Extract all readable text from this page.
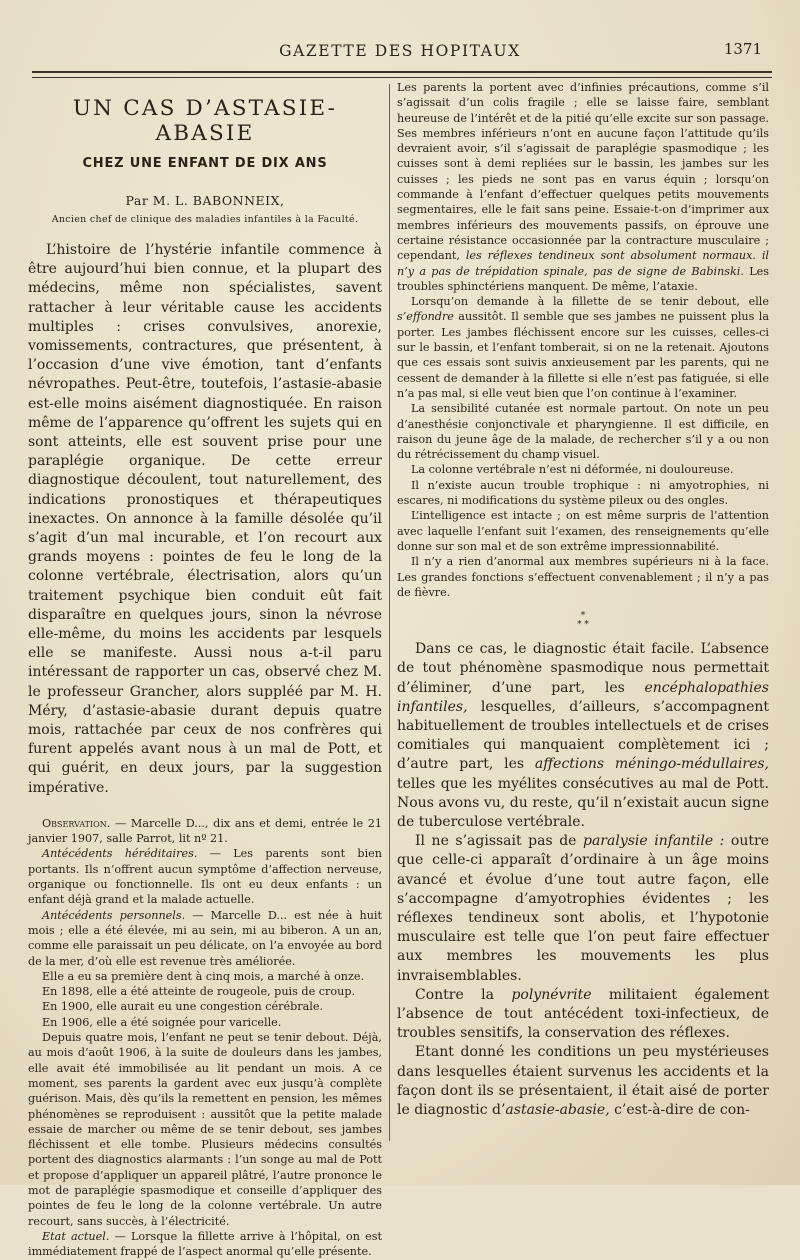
GAZETTE DES HOPITAUX	1371
UN CAS D’ASTASIE-ABASIE
CHEZ UNE ENFANT DE DIX ANS
Par M. L. BABONNEIX,
Ancien chef de clinique des maladies infantiles à la Faculté.

L’histoire de l’hystérie infantile commence à être aujourd’hui bien connue, et la plupart des médecins, même non spécialistes, savent rattacher à leur véritable cause les accidents multiples : crises convulsives, anorexie, vomissements, contractures, que présentent, à l’occasion d’une vive émotion, tant d’enfants névropathes. Peut-être, toutefois, l’astasie-abasie est-elle moins aisément diagnostiquée. En raison même de l’apparence qu’offrent les sujets qui en sont atteints, elle est souvent prise pour une paraplégie organique. De cette erreur diagnostique découlent, tout naturellement, des indications pronostiques et thérapeutiques inexactes. On annonce à la famille désolée qu’il s’agit d’un mal incurable, et l’on recourt aux grands moyens : pointes de feu le long de la colonne vertébrale, électrisation, alors qu’un traitement psychique bien conduit eût fait disparaître en quelques jours, sinon la névrose elle-même, du moins les accidents par lesquels elle se manifeste. Aussi nous a-t-il paru intéressant de rapporter un cas, observé chez M. le professeur Grancher, alors suppléé par M. H. Méry, d’astasie-abasie durant depuis quatre mois, rattachée par ceux de nos confrères qui furent appelés avant nous à un mal de Pott, et qui guérit, en deux jours, par la suggestion impérative.

Observation. — Marcelle D..., dix ans et demi, entrée le 21 janvier 1907, salle Parrot, lit nº 21.

Antécédents héréditaires. — Les parents sont bien portants. Ils n’offrent aucun symptôme d’affection nerveuse, organique ou fonctionnelle. Ils ont eu deux enfants : un enfant déjà grand et la malade actuelle.

Antécédents personnels. — Marcelle D... est née à huit mois ; elle a été élevée, mi au sein, mi au biberon. A un an, comme elle paraissait un peu délicate, on l’a envoyée au bord de la mer, d’où elle est revenue très améliorée.

Elle a eu sa première dent à cinq mois, a marché à onze.

En 1898, elle a été atteinte de rougeole, puis de croup.

En 1900, elle aurait eu une congestion cérébrale.

En 1906, elle a été soignée pour varicelle.

Depuis quatre mois, l’enfant ne peut se tenir debout. Déjà, au mois d’août 1906, à la suite de douleurs dans les jambes, elle avait été immobilisée au lit pendant un mois. A ce moment, ses parents la gardent avec eux jusqu’à complète guérison. Mais, dès qu’ils la remettent en pension, les mêmes phénomènes se reproduisent : aussitôt que la petite malade essaie de marcher ou même de se tenir debout, ses jambes fléchissent et elle tombe. Plusieurs médecins consultés portent des diagnostics alarmants : l’un songe au mal de Pott et propose d’appliquer un appareil plâtré, l’autre prononce le mot de paraplégie spasmodique et conseille d’appliquer des pointes de feu le long de la colonne vertébrale. Un autre recourt, sans succès, à l’électricité.

Etat actuel. — Lorsque la fillette arrive à l’hôpital, on est immédiatement frappé de l’aspect anormal qu’elle présente.

Les parents la portent avec d’infinies précautions, comme s’il s’agissait d’un colis fragile ; elle se laisse faire, semblant heureuse de l’intérêt et de la pitié qu’elle excite sur son passage. Ses membres inférieurs n’ont en aucune façon l’attitude qu’ils devraient avoir, s’il s’agissait de paraplégie spasmodique ; les cuisses sont à demi repliées sur le bassin, les jambes sur les cuisses ; les pieds ne sont pas en varus équin ; lorsqu’on commande à l’enfant d’effectuer quelques petits mouvements segmentaires, elle le fait sans peine. Essaie-t-on d’imprimer aux membres inférieurs des mouvements passifs, on éprouve une certaine résistance occasionnée par la contracture musculaire ; cependant, les réflexes tendineux sont absolument normaux. il n’y a pas de trépidation spinale, pas de signe de Babinski. Les troubles sphinctériens manquent. De même, l’ataxie.

Lorsqu’on demande à la fillette de se tenir debout, elle s’effondre aussitôt. Il semble que ses jambes ne puissent plus la porter. Les jambes fléchissent encore sur les cuisses, celles-ci sur le bassin, et l’enfant tomberait, si on ne la retenait. Ajoutons que ces essais sont suivis anxieusement par les parents, qui ne cessent de demander à la fillette si elle n’est pas fatiguée, si elle n’a pas mal, si elle veut bien que l’on continue à l’examiner.

La sensibilité cutanée est normale partout. On note un peu d’anesthésie conjonctivale et pharyngienne. Il est difficile, en raison du jeune âge de la malade, de rechercher s’il y a ou non du rétrécissement du champ visuel.

La colonne vertébrale n’est ni déformée, ni douloureuse.

Il n’existe aucun trouble trophique : ni amyotrophies, ni escares, ni modifications du système pileux ou des ongles.

L’intelligence est intacte ; on est même surpris de l’attention avec laquelle l’enfant suit l’examen, des renseignements qu’elle donne sur son mal et de son extrême impressionnabilité.

Il n’y a rien d’anormal aux membres supérieurs ni à la face. Les grandes fonctions s’effectuent convenablement ; il n’y a pas de fièvre.

*
* *

Dans ce cas, le diagnostic était facile. L’absence de tout phénomène spasmodique nous permettait d’éliminer, d’une part, les encéphalopathies infantiles, lesquelles, d’ailleurs, s’accompagnent habituellement de troubles intellectuels et de crises comitiales qui manquaient complètement ici ; d’autre part, les affections méningo-médullaires, telles que les myélites consécutives au mal de Pott. Nous avons vu, du reste, qu’il n’existait aucun signe de tuberculose vertébrale.

Il ne s’agissait pas de paralysie infantile : outre que celle-ci apparaît d’ordinaire à un âge moins avancé et évolue d’une tout autre façon, elle s’accompagne d’amyotrophies évidentes ; les réflexes tendineux sont abolis, et l’hypotonie musculaire est telle que l’on peut faire effectuer aux membres les mouvements les plus invraisemblables.

Contre la polynévrite militaient également l’absence de tout antécédent toxi-infectieux, de troubles sensitifs, la conservation des réflexes.

Etant donné les conditions un peu mystérieuses dans lesquelles étaient survenus les accidents et la façon dont ils se présentaient, il était aisé de porter le diagnostic d’astasie-abasie, c’est-à-dire de con-
